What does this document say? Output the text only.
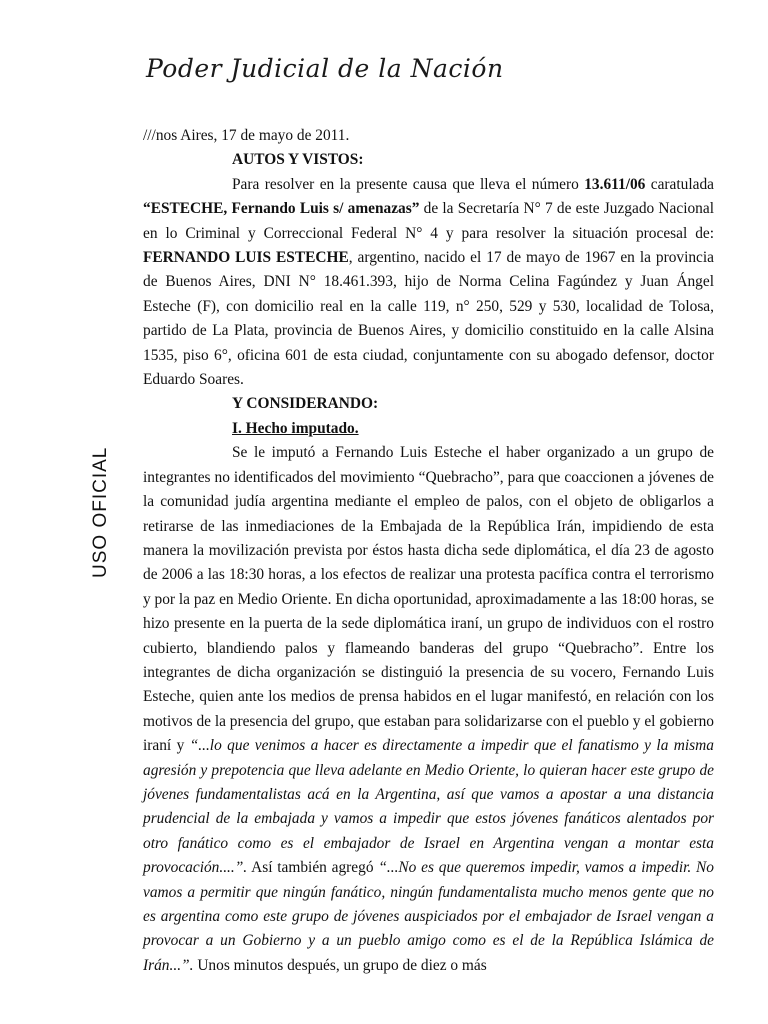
Poder Judicial de la Nación
USO OFICIAL

///nos Aires, 17 de mayo de 2011.

AUTOS Y VISTOS:

Para resolver en la presente causa que lleva el número 13.611/06 caratulada “ESTECHE, Fernando Luis s/ amenazas” de la Secretaría N° 7 de este Juzgado Nacional en lo Criminal y Correccional Federal N° 4 y para resolver la situación procesal de: FERNANDO LUIS ESTECHE, argentino, nacido el 17 de mayo de 1967 en la provincia de Buenos Aires, DNI N° 18.461.393, hijo de Norma Celina Fagúndez y Juan Ángel Esteche (F), con domicilio real en la calle 119, n° 250, 529 y 530, localidad de Tolosa, partido de La Plata, provincia de Buenos Aires, y domicilio constituido en la calle Alsina 1535, piso 6°, oficina 601 de esta ciudad, conjuntamente con su abogado defensor, doctor Eduardo Soares.

Y CONSIDERANDO:

I. Hecho imputado.

Se le imputó a Fernando Luis Esteche el haber organizado a un grupo de integrantes no identificados del movimiento “Quebracho”, para que coaccionen a jóvenes de la comunidad judía argentina mediante el empleo de palos, con el objeto de obligarlos a retirarse de las inmediaciones de la Embajada de la República Irán, impidiendo de esta manera la movilización prevista por éstos hasta dicha sede diplomática, el día 23 de agosto de 2006 a las 18:30 horas, a los efectos de realizar una protesta pacífica contra el terrorismo y por la paz en Medio Oriente. En dicha oportunidad, aproximadamente a las 18:00 horas, se hizo presente en la puerta de la sede diplomática iraní, un grupo de individuos con el rostro cubierto, blandiendo palos y flameando banderas del grupo “Quebracho”. Entre los integrantes de dicha organización se distinguió la presencia de su vocero, Fernando Luis Esteche, quien ante los medios de prensa habidos en el lugar manifestó, en relación con los motivos de la presencia del grupo, que estaban para solidarizarse con el pueblo y el gobierno iraní y “...lo que venimos a hacer es directamente a impedir que el fanatismo y la misma agresión y prepotencia que lleva adelante en Medio Oriente, lo quieran hacer este grupo de jóvenes fundamentalistas acá en la Argentina, así que vamos a apostar a una distancia prudencial de la embajada y vamos a impedir que estos jóvenes fanáticos alentados por otro fanático como es el embajador de Israel en Argentina vengan a montar esta provocación....”. Así también agregó “...No es que queremos impedir, vamos a impedir. No vamos a permitir que ningún fanático, ningún fundamentalista mucho menos gente que no es argentina como este grupo de jóvenes auspiciados por el embajador de Israel vengan a provocar a un Gobierno y a un pueblo amigo como es el de la República Islámica de Irán...”. Unos minutos después, un grupo de diez o más
